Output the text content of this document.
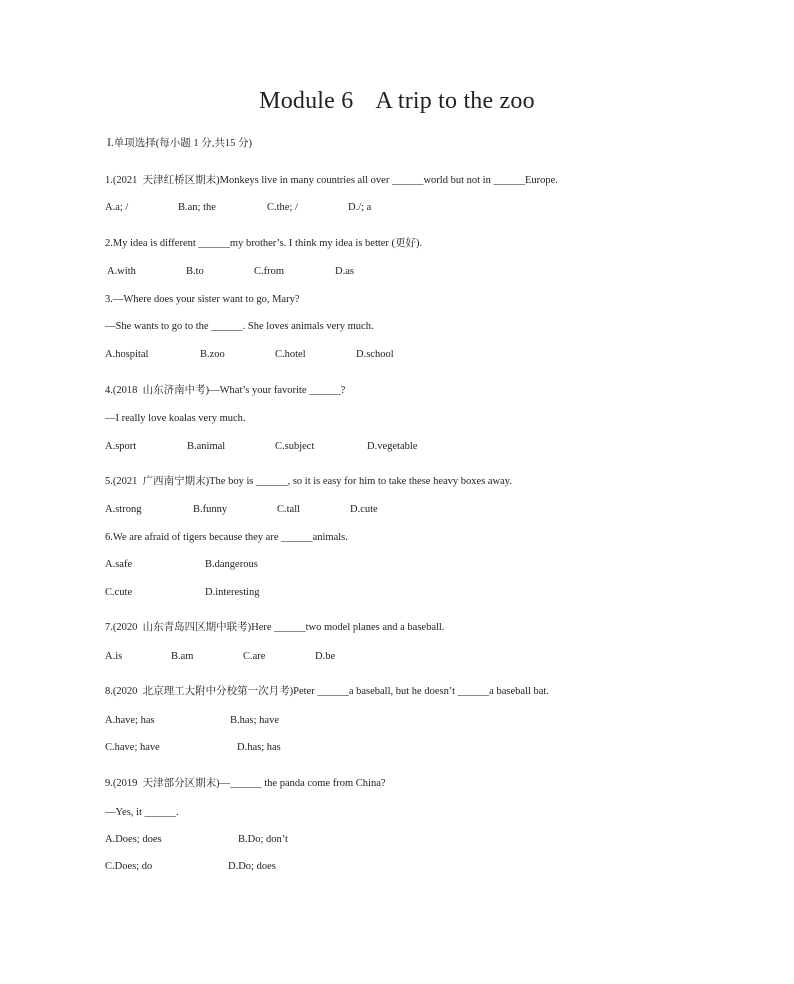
Module 6 A trip to the zoo
Ⅰ.单项选择(每小题 1 分,共15 分)
1.(2021  天津红桥区期末)Monkeys live in many countries all over ______world but not in ______Europe.
A.a; /	B.an; the	C.the; /	D./; a
2.My idea is different ______my brother’s. I think my idea is better (更好).
A.with	B.to	C.from	D.as
3.—Where does your sister want to go, Mary?
—She wants to go to the ______. She loves animals very much.
A.hospital	B.zoo	C.hotel	D.school
4.(2018  山东济南中考)—What’s your favorite ______?
—I really love koalas very much.
A.sport	B.animal	C.subject	D.vegetable
5.(2021  广西南宁期末)The boy is ______, so it is easy for him to take these heavy boxes away.
A.strong	B.funny	C.tall	D.cute
6.We are afraid of tigers because they are ______animals.
A.safe	B.dangerous
C.cute	D.interesting
7.(2020  山东青岛四区期中联考)Here ______two model planes and a baseball.
A.is	B.am	C.are	D.be
8.(2020  北京理工大附中分校第一次月考)Peter ______a baseball, but he doesn’t ______a baseball bat.
A.have; has	B.has; have
C.have; have	D.has; has
9.(2019  天津部分区期末)—______ the panda come from China?
—Yes, it ______.
A.Does; does	B.Do; don’t
C.Does; do	D.Do; does
